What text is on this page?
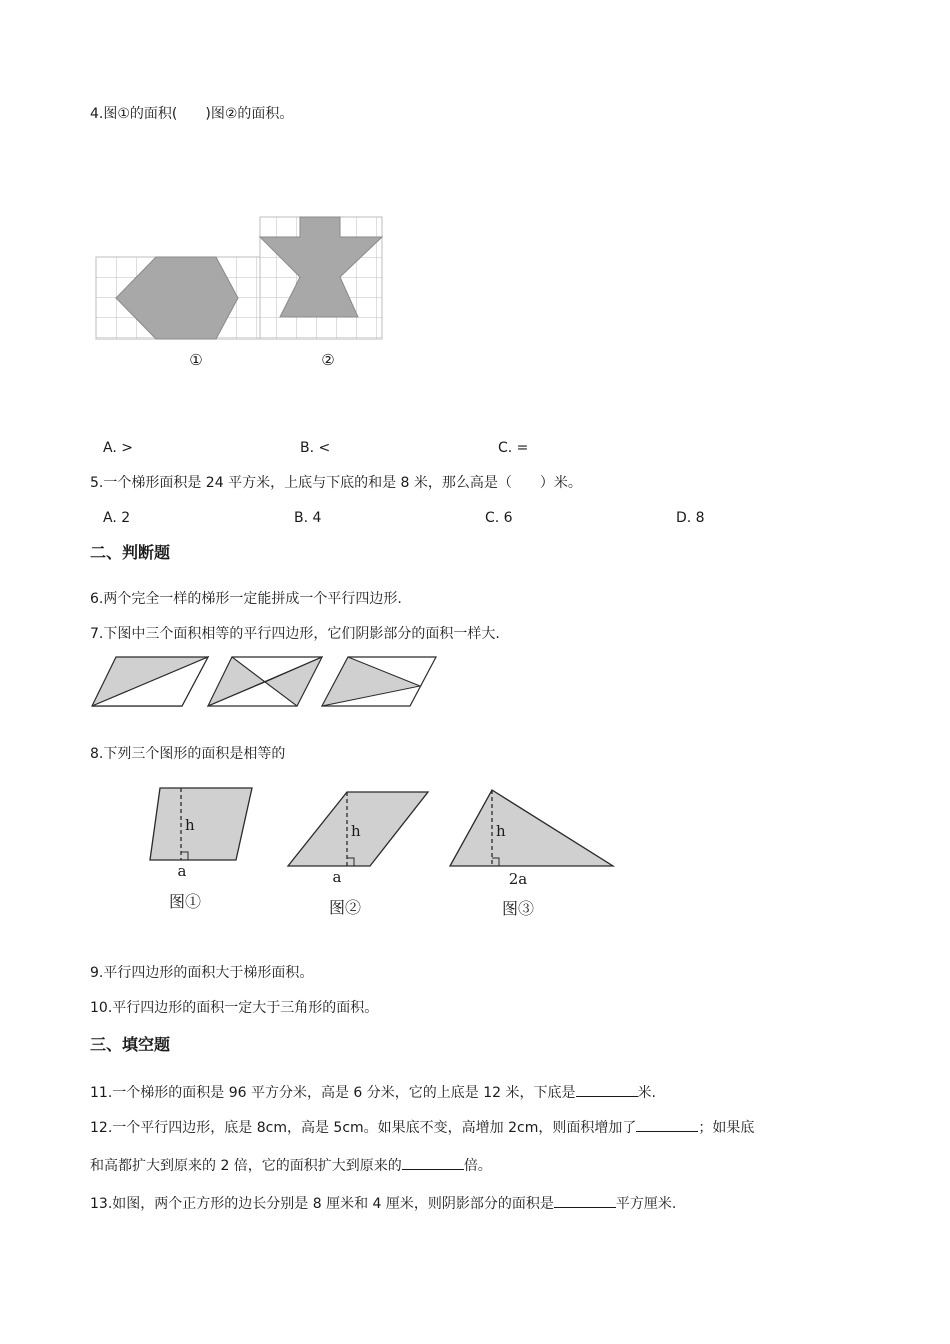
4.图①的面积(　　)图②的面积。
①	②
A. >	B. <	C. =
5.一个梯形面积是 24 平方米，上底与下底的和是 8 米，那么高是（　　）米。
A. 2	B. 4	C. 6	D. 8
二、判断题
6.两个完全一样的梯形一定能拼成一个平行四边形.
7.下图中三个面积相等的平行四边形，它们阴影部分的面积一样大.
8.下列三个图形的面积是相等的
h
a
图①
h
a
图②
h
2a
图③
9.平行四边形的面积大于梯形面积。
10.平行四边形的面积一定大于三角形的面积。
三、填空题
11.一个梯形的面积是 96 平方分米，高是 6 分米，它的上底是 12 米，下底是	米.
12.一个平行四边形，底是 8cm，高是 5cm。如果底不变，高增加 2cm，则面积增加了	；如果底
和高都扩大到原来的 2 倍，它的面积扩大到原来的	倍。
13.如图，两个正方形的边长分别是 8 厘米和 4 厘米，则阴影部分的面积是	平方厘米.
